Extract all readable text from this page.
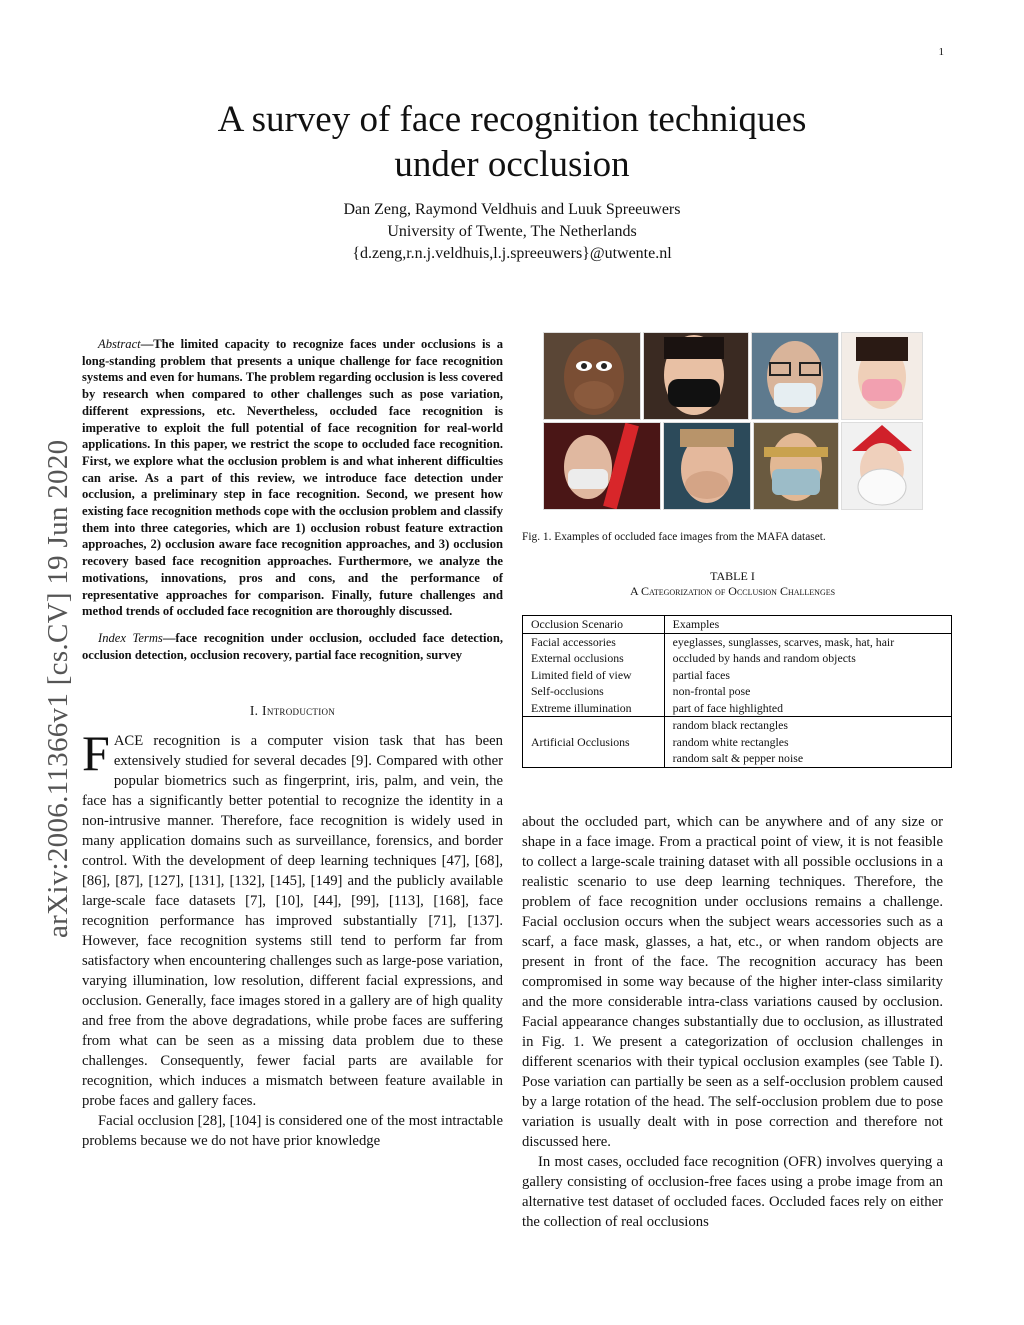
1
arXiv:2006.11366v1 [cs.CV] 19 Jun 2020
A survey of face recognition techniques
under occlusion
Dan Zeng, Raymond Veldhuis and Luuk Spreeuwers
University of Twente, The Netherlands
{d.zeng,r.n.j.veldhuis,l.j.spreeuwers}@utwente.nl
Abstract—The limited capacity to recognize faces under occlusions is a long-standing problem that presents a unique challenge for face recognition systems and even for humans. The problem regarding occlusion is less covered by research when compared to other challenges such as pose variation, different expressions, etc. Nevertheless, occluded face recognition is imperative to exploit the full potential of face recognition for real-world applications. In this paper, we restrict the scope to occluded face recognition. First, we explore what the occlusion problem is and what inherent difficulties can arise. As a part of this review, we introduce face detection under occlusion, a preliminary step in face recognition. Second, we present how existing face recognition methods cope with the occlusion problem and classify them into three categories, which are 1) occlusion robust feature extraction approaches, 2) occlusion aware face recognition approaches, and 3) occlusion recovery based face recognition approaches. Furthermore, we analyze the motivations, innovations, pros and cons, and the performance of representative approaches for comparison. Finally, future challenges and method trends of occluded face recognition are thoroughly discussed.
Index Terms—face recognition under occlusion, occluded face detection, occlusion detection, occlusion recovery, partial face recognition, survey
I. Introduction

FACE recognition is a computer vision task that has been extensively studied for several decades [9]. Compared with other popular biometrics such as fingerprint, iris, palm, and vein, the face has a significantly better potential to recognize the identity in a non-intrusive manner. Therefore, face recognition is widely used in many application domains such as surveillance, forensics, and border control. With the development of deep learning techniques [47], [68], [86], [87], [127], [131], [132], [145], [149] and the publicly available large-scale face datasets [7], [10], [44], [99], [113], [168], face recognition performance has improved substantially [71], [137]. However, face recognition systems still tend to perform far from satisfactory when encountering challenges such as large-pose variation, varying illumination, low resolution, different facial expressions, and occlusion. Generally, face images stored in a gallery are of high quality and free from the above degradations, while probe faces are suffering from what can be seen as a missing data problem due to these challenges. Consequently, fewer facial parts are available for recognition, which induces a mismatch between feature available in probe faces and gallery faces.

Facial occlusion [28], [104] is considered one of the most intractable problems because we do not have prior knowledge

Fig. 1. Examples of occluded face images from the MAFA dataset.
TABLE I
A Categorization of Occlusion Challenges
Occlusion Scenario	Examples
Facial accessories	eyeglasses, sunglasses, scarves, mask, hat, hair
External occlusions	occluded by hands and random objects
Limited field of view	partial faces
Self-occlusions	non-frontal pose
Extreme illumination	part of face highlighted
Artificial Occlusions	random black rectangles
	random white rectangles
	random salt & pepper noise

about the occluded part, which can be anywhere and of any size or shape in a face image. From a practical point of view, it is not feasible to collect a large-scale training dataset with all possible occlusions in a realistic scenario to use deep learning techniques. Therefore, the problem of face recognition under occlusions remains a challenge. Facial occlusion occurs when the subject wears accessories such as a scarf, a face mask, glasses, a hat, etc., or when random objects are present in front of the face. The recognition accuracy has been compromised in some way because of the higher inter-class similarity and the more considerable intra-class variations caused by occlusion. Facial appearance changes substantially due to occlusion, as illustrated in Fig. 1. We present a categorization of occlusion challenges in different scenarios with their typical occlusion examples (see Table I). Pose variation can partially be seen as a self-occlusion problem caused by a large rotation of the head. The self-occlusion problem due to pose variation is usually dealt with in pose correction and therefore not discussed here.

In most cases, occluded face recognition (OFR) involves querying a gallery consisting of occlusion-free faces using a probe image from an alternative test dataset of occluded faces. Occluded faces rely on either the collection of real occlusions
